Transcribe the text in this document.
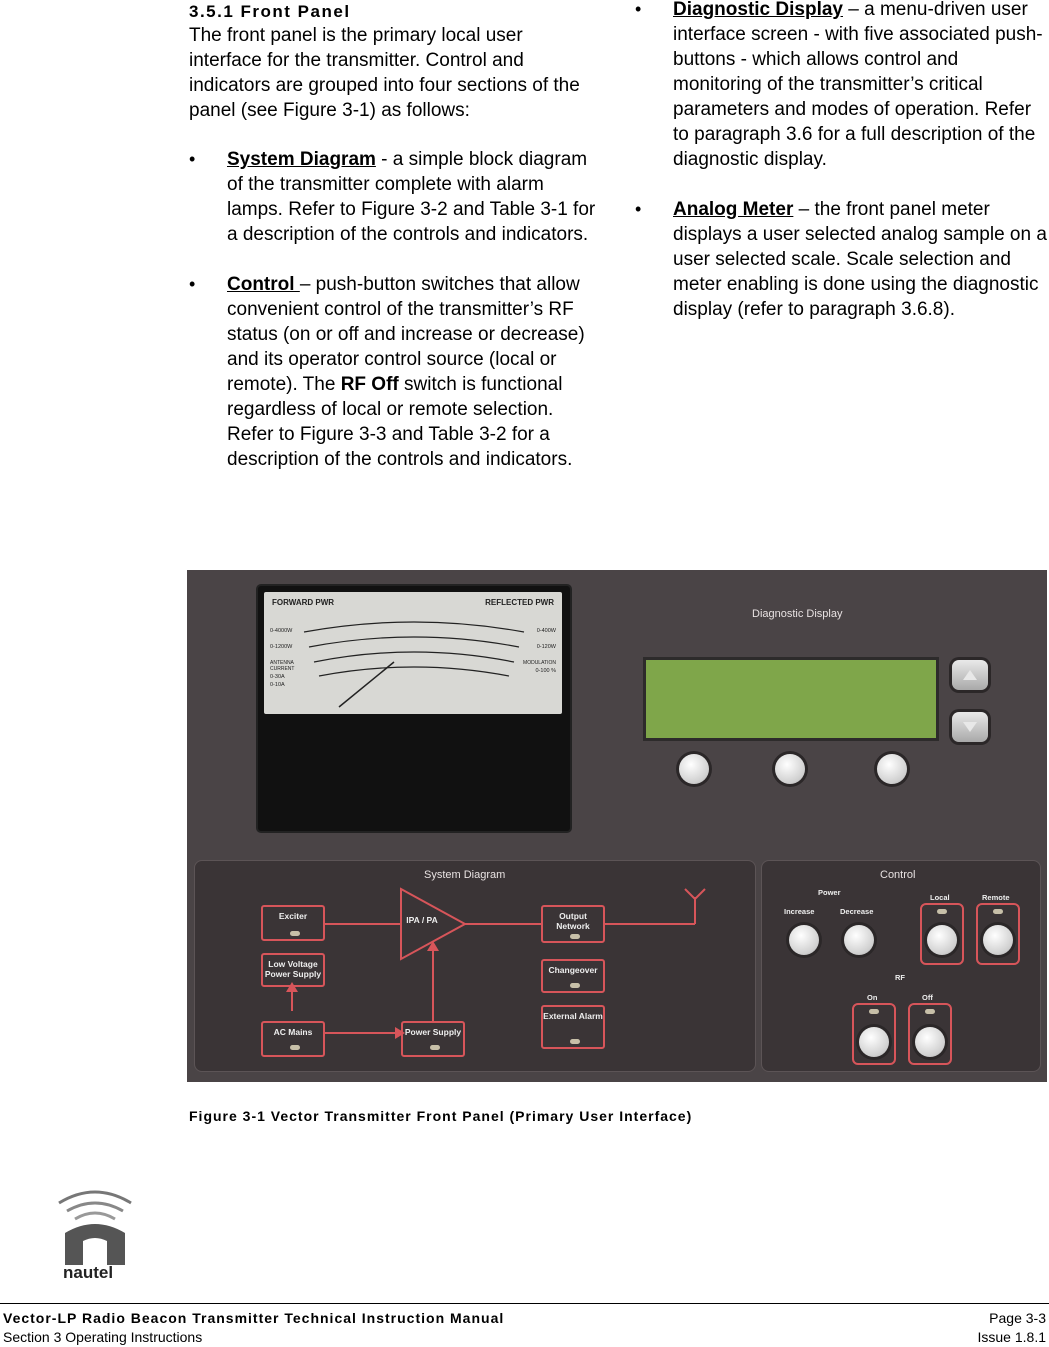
3.5.1 Front Panel
The front panel is the primary local user interface for the transmitter. Control and indicators are grouped into four sections of the panel (see Figure 3-1) as follows:
• System Diagram - a simple block diagram of the transmitter complete with alarm lamps. Refer to Figure 3-2 and Table 3-1 for a description of the controls and indicators.
• Control – push-button switches that allow convenient control of the transmitter’s RF status (on or off and increase or decrease) and its operator control source (local or remote). The RF Off switch is functional regardless of local or remote selection. Refer to Figure 3-3 and Table 3-2 for a description of the controls and indicators.
• Diagnostic Display – a menu-driven user interface screen - with five associated push-buttons - which allows control and monitoring of the transmitter’s critical parameters and modes of operation. Refer to paragraph 3.6 for a full description of the diagnostic display.
• Analog Meter – the front panel meter displays a user selected analog sample on a user selected scale. Scale selection and meter enabling is done using the diagnostic display (refer to paragraph 3.6.8).
Diagnostic Display
FORWARD PWR	REFLECTED PWR
0-4000W
0-1200W
ANTENNA CURRENT
0-30A
0-10A
0-400W
0-120W
MODULATION
0-100 %
System Diagram
Exciter	IPA / PA	Output Network
Low Voltage Power Supply	Changeover
External Alarm
AC Mains	Power Supply
Control
Power
Increase	Decrease
Local	Remote
RF
On	Off
Figure 3-1 Vector Transmitter Front Panel (Primary User Interface)
nautel
Vector-LP Radio Beacon Transmitter Technical Instruction Manual
Section 3 Operating Instructions
Page 3-3
Issue 1.8.1
